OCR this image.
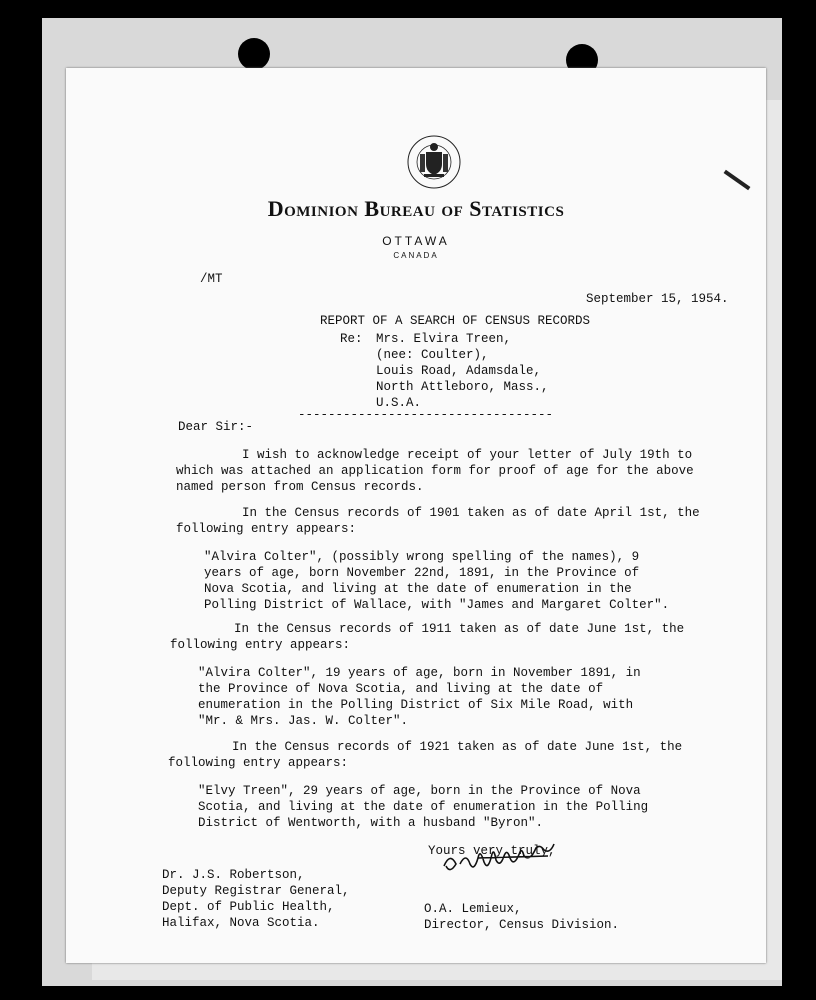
Dominion Bureau of Statistics
OTTAWA
CANADA
/MT
September 15, 1954.
REPORT OF A SEARCH OF CENSUS RECORDS
Re: Mrs. Elvira Treen,
(nee: Coulter),
Louis Road, Adamsdale,
North Attleboro, Mass.,
U.S.A.
----------------------------------
Dear Sir:-
I wish to acknowledge receipt of your letter of July 19th to
which was attached an application form for proof of age for the above
named person from Census records.
In the Census records of 1901 taken as of date April 1st, the
following entry appears:
"Alvira Colter", (possibly wrong spelling of the names), 9
years of age, born November 22nd, 1891, in the Province of
Nova Scotia, and living at the date of enumeration in the
Polling District of Wallace, with "James and Margaret Colter".
In the Census records of 1911 taken as of date June 1st, the
following entry appears:
"Alvira Colter", 19 years of age, born in November 1891, in
the Province of Nova Scotia, and living at the date of
enumeration in the Polling District of Six Mile Road, with
"Mr. & Mrs. Jas. W. Colter".
In the Census records of 1921 taken as of date June 1st, the
following entry appears:
"Elvy Treen", 29 years of age, born in the Province of Nova
Scotia, and living at the date of enumeration in the Polling
District of Wentworth, with a husband "Byron".
Yours very truly,
Dr. J.S. Robertson,
Deputy Registrar General,
Dept. of Public Health,
Halifax, Nova Scotia.
O.A. Lemieux,
Director, Census Division.
